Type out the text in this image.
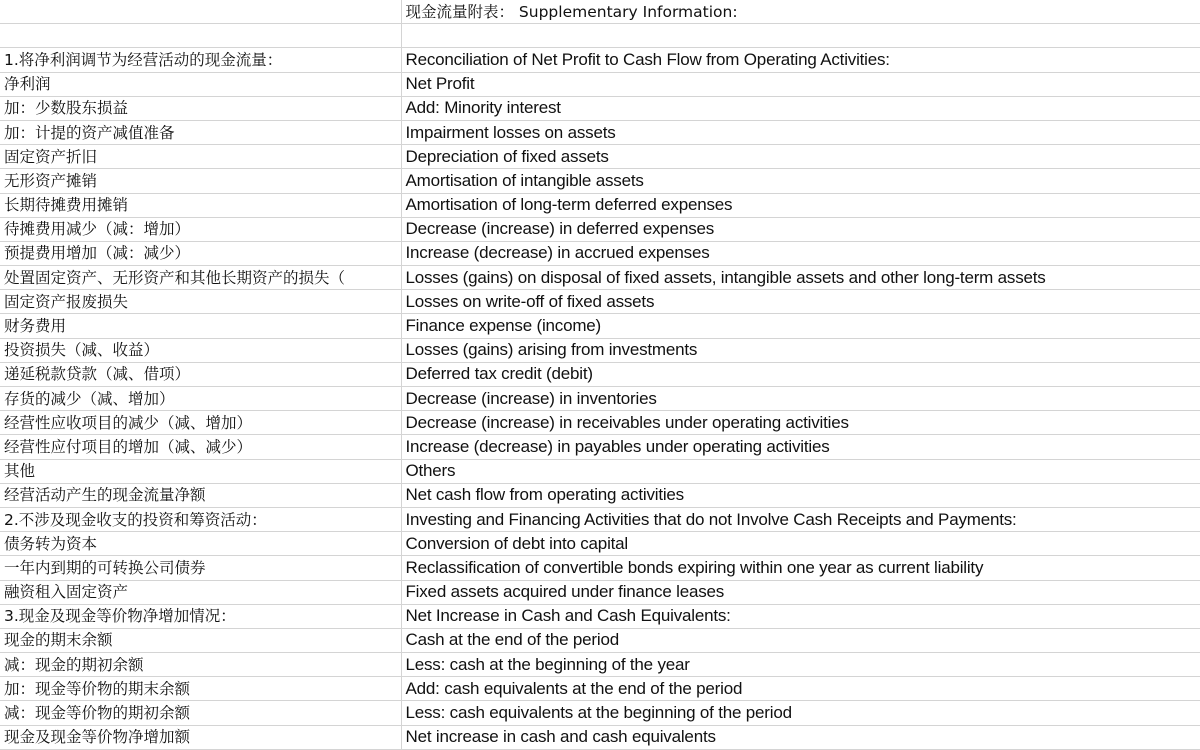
	现金流量附表： Supplementary Information:

1.将净利润调节为经营活动的现金流量：	Reconciliation of Net Profit to Cash Flow from Operating Activities:
净利润	Net Profit
加：少数股东损益	Add: Minority interest
加：计提的资产减值准备	Impairment losses on assets
固定资产折旧	Depreciation of fixed assets
无形资产摊销	Amortisation of intangible assets
长期待摊费用摊销	Amortisation of long-term deferred expenses
待摊费用减少（减：增加）	Decrease (increase) in deferred expenses
预提费用增加（减：减少）	Increase (decrease) in accrued expenses
处置固定资产、无形资产和其他长期资产的损失（	Losses (gains) on disposal of fixed assets, intangible assets and other long-term assets
固定资产报废损失	Losses on write-off of fixed assets
财务费用	Finance expense (income)
投资损失（减、收益）	Losses (gains) arising from investments
递延税款贷款（减、借项）	Deferred tax credit (debit)
存货的减少（减、增加）	Decrease (increase) in inventories
经营性应收项目的减少（减、增加）	Decrease (increase) in receivables under operating activities
经营性应付项目的增加（减、减少）	Increase (decrease) in payables under operating activities
其他	Others
经营活动产生的现金流量净额	Net cash flow from operating activities
2.不涉及现金收支的投资和筹资活动：	Investing and Financing Activities that do not Involve Cash Receipts and Payments:
债务转为资本	Conversion of debt into capital
一年内到期的可转换公司债券	Reclassification of convertible bonds expiring within one year as current liability
融资租入固定资产	Fixed assets acquired under finance leases
3.现金及现金等价物净增加情况：	Net Increase in Cash and Cash Equivalents:
现金的期末余额	Cash at the end of the period
减：现金的期初余额	Less: cash at the beginning of the year
加：现金等价物的期末余额	Add: cash equivalents at the end of the period
减：现金等价物的期初余额	Less: cash equivalents at the beginning of the period
现金及现金等价物净增加额	Net increase in cash and cash equivalents
